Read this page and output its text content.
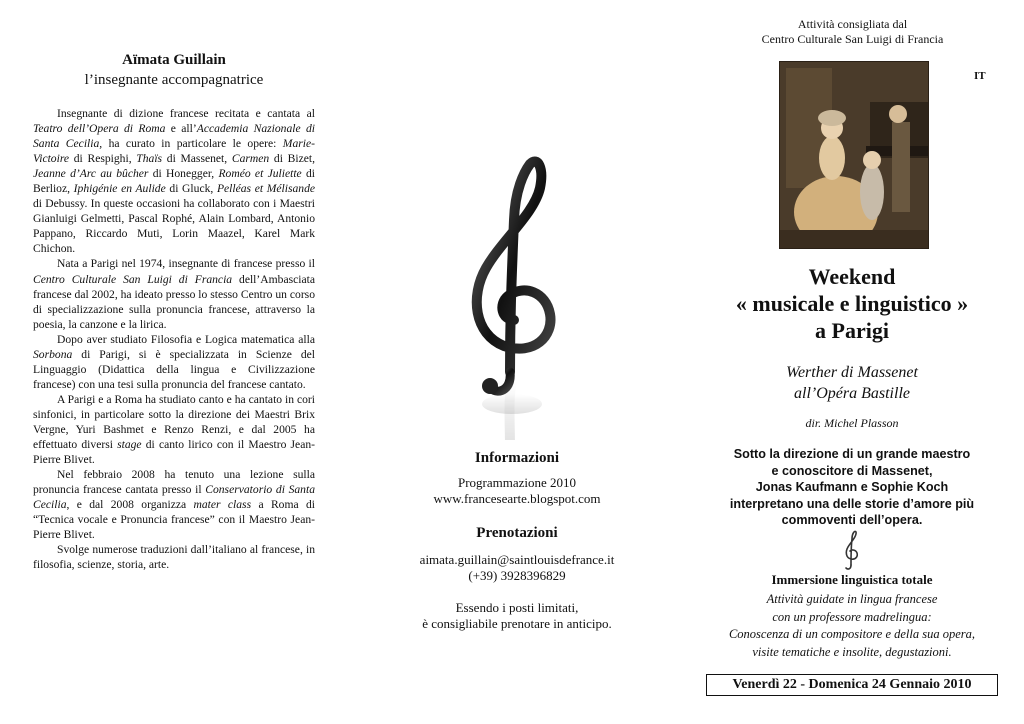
Aïmata Guillain
l’insegnante accompagnatrice

Insegnante di dizione francese recitata e cantata al Teatro dell’Opera di Roma e all’Accademia Nazionale di Santa Cecilia, ha curato in particolare le opere: Marie-Victoire di Respighi, Thaïs di Massenet, Carmen di Bizet, Jeanne d’Arc au bûcher di Honegger, Roméo et Juliette di Berlioz, Iphigénie en Aulide di Gluck, Pelléas et Mélisande di Debussy. In queste occasioni ha collaborato con i Maestri Gianluigi Gelmetti, Pascal Rophé, Alain Lombard, Antonio Pappano, Riccardo Muti, Lorin Maazel, Karel Mark Chichon.

Nata a Parigi nel 1974, insegnante di francese presso il Centro Culturale San Luigi di Francia dell’Ambasciata francese dal 2002, ha ideato presso lo stesso Centro un corso di specializzazione sulla pronuncia francese, attraverso la poesia, la canzone e la lirica.

Dopo aver studiato Filosofia e Logica matematica alla Sorbona di Parigi, si è specializzata in Scienze del Linguaggio (Didattica della lingua e Civilizzazione francese) con una tesi sulla pronuncia del francese cantato.

A Parigi e a Roma ha studiato canto e ha cantato in cori sinfonici, in particolare sotto la direzione dei Maestri Brix Vergne, Yuri Bashmet e Renzo Renzi, e dal 2005 ha effettuato diversi stage di canto lirico con il Maestro Jean-Pierre Blivet.

Nel febbraio 2008 ha tenuto una lezione sulla pronuncia francese cantata presso il Conservatorio di Santa Cecilia, e dal 2008 organizza mater class a Roma di “Tecnica vocale e Pronuncia francese” con il Maestro Jean-Pierre Blivet.

Svolge numerose traduzioni dall’italiano al francese, in filosofia, scienze, storia, arte.

Informazioni
Programmazione 2010
www.francesearte.blogspot.com
Prenotazioni
aimata.guillain@saintlouisdefrance.it
(+39) 3928396829
Essendo i posti limitati,
è consigliabile prenotare in anticipo.
Attività consigliata dal
Centro Culturale San Luigi di Francia
IT
Weekend
« musicale e linguistico »
a Parigi
Werther di Massenet
all’Opéra Bastille
dir. Michel Plasson
Sotto la direzione di un grande maestro
e conoscitore di Massenet,
Jonas Kaufmann e Sophie Koch
interpretano una delle storie d’amore più
commoventi dell’opera.
Immersione linguistica totale
Attività guidate in lingua francese
con un professore madrelingua:
Conoscenza di un compositore e della sua opera,
visite tematiche e insolite, degustazioni.
Venerdì 22 - Domenica 24 Gennaio 2010
